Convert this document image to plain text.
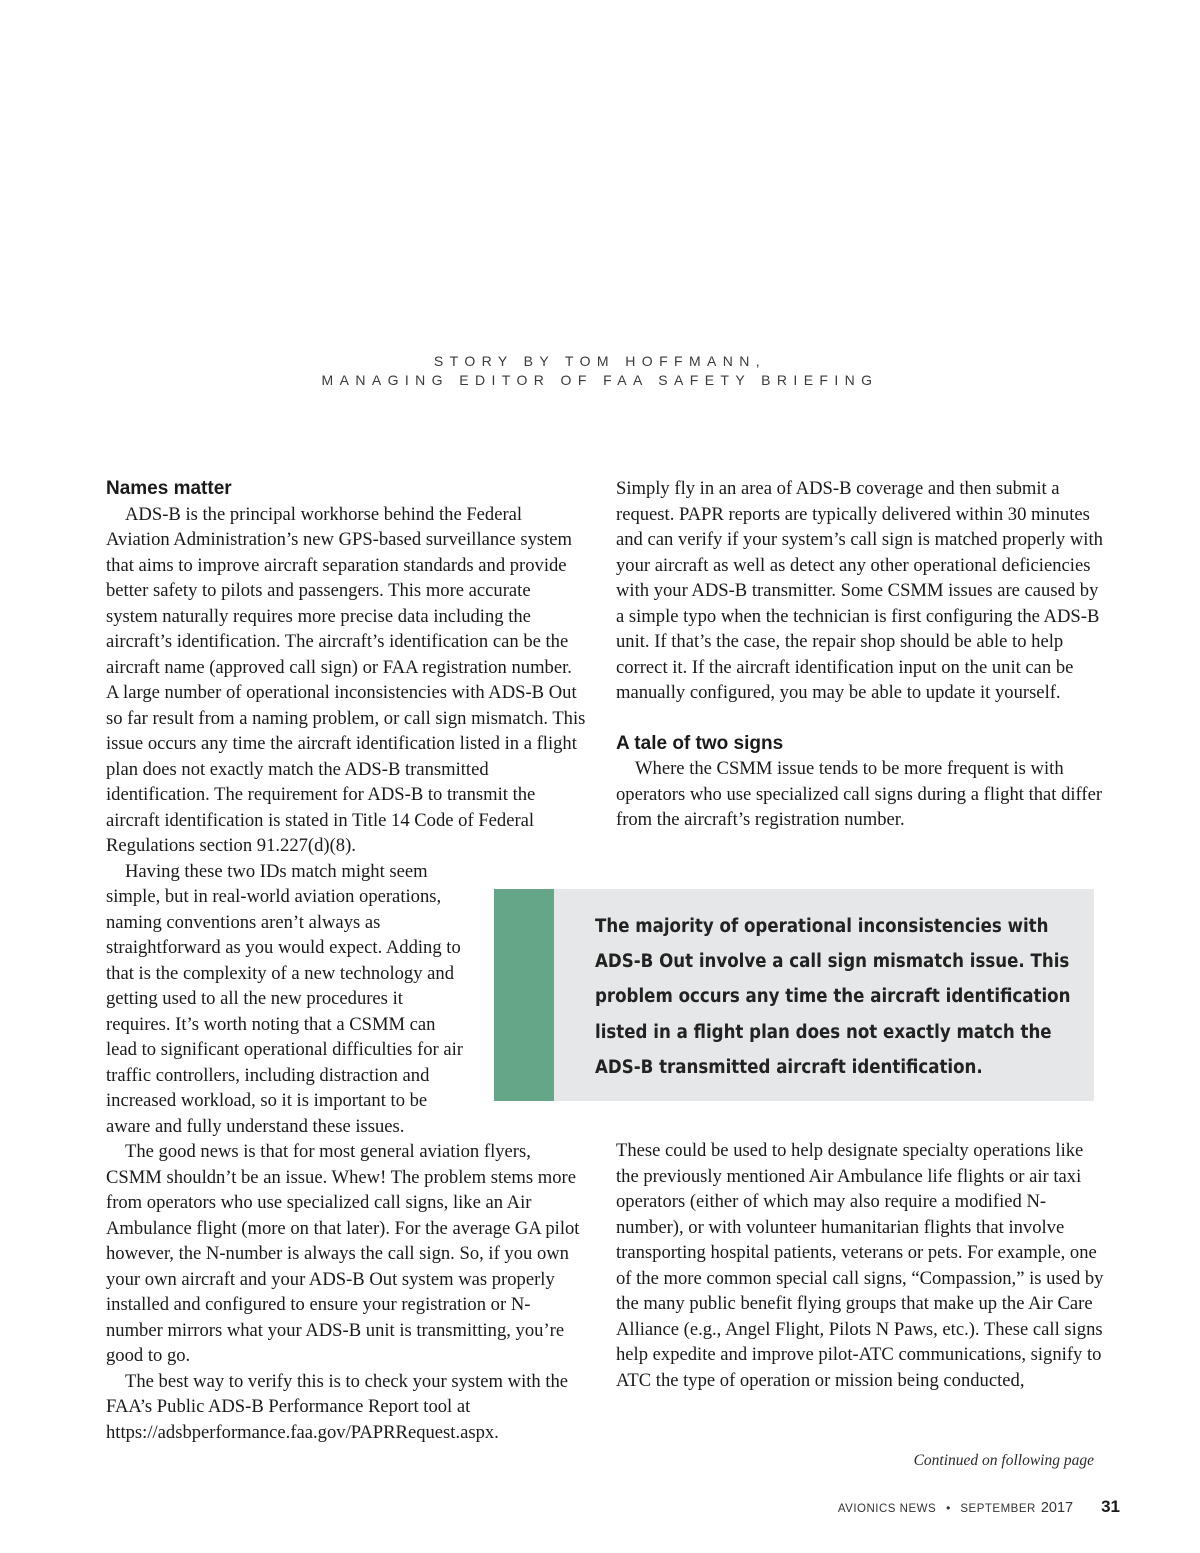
STORY BY TOM HOFFMANN,
MANAGING EDITOR OF FAA SAFETY BRIEFING
Names matter

ADS-B is the principal workhorse behind the Federal Aviation Administration’s new GPS-based surveillance system that aims to improve aircraft separation standards and provide better safety to pilots and passengers. This more accurate system naturally requires more precise data including the aircraft’s identification. The aircraft’s identification can be the aircraft name (approved call sign) or FAA registration number. A large number of operational inconsistencies with ADS-B Out so far result from a naming problem, or call sign mismatch. This issue occurs any time the aircraft identification listed in a flight plan does not exactly match the ADS-B transmitted identification. The requirement for ADS-B to transmit the aircraft identification is stated in Title 14 Code of Federal Regulations section 91.227(d)(8).

Having these two IDs match might seem simple, but in real-world aviation operations, naming conventions aren’t always as straightforward as you would expect. Adding to that is the complexity of a new technology and getting used to all the new procedures it requires. It’s worth noting that a CSMM can lead to significant operational difficulties for air traffic controllers, including distraction and increased workload, so it is important to be aware and fully understand these issues.

The good news is that for most general aviation flyers, CSMM shouldn’t be an issue. Whew! The problem stems more from operators who use specialized call signs, like an Air Ambulance flight (more on that later). For the average GA pilot however, the N-number is always the call sign. So, if you own your own aircraft and your ADS-B Out system was properly installed and configured to ensure your registration or N-number mirrors what your ADS-B unit is transmitting, you’re good to go.

The best way to verify this is to check your system with the FAA’s Public ADS-B Performance Report tool at https://adsbperformance.faa.gov/PAPRRequest.aspx.

Simply fly in an area of ADS-B coverage and then submit a request. PAPR reports are typically delivered within 30 minutes and can verify if your system’s call sign is matched properly with your aircraft as well as detect any other operational deficiencies with your ADS-B transmitter. Some CSMM issues are caused by a simple typo when the technician is first configuring the ADS-B unit. If that’s the case, the repair shop should be able to help correct it. If the aircraft identification input on the unit can be manually configured, you may be able to update it yourself.

A tale of two signs

Where the CSMM issue tends to be more frequent is with operators who use specialized call signs during a flight that differ from the aircraft’s registration number.

The majority of operational inconsistencies with ADS-B Out involve a call sign mismatch issue. This problem occurs any time the aircraft identification listed in a flight plan does not exactly match the ADS-B transmitted aircraft identification.

These could be used to help designate specialty operations like the previously mentioned Air Ambulance life flights or air taxi operators (either of which may also require a modified N-number), or with volunteer humanitarian flights that involve transporting hospital patients, veterans or pets. For example, one of the more common special call signs, “Compassion,” is used by the many public benefit flying groups that make up the Air Care Alliance (e.g., Angel Flight, Pilots N Paws, etc.). These call signs help expedite and improve pilot-ATC communications, signify to ATC the type of operation or mission being conducted,

Continued on following page
AVIONICS NEWS • SEPTEMBER 2017 31
